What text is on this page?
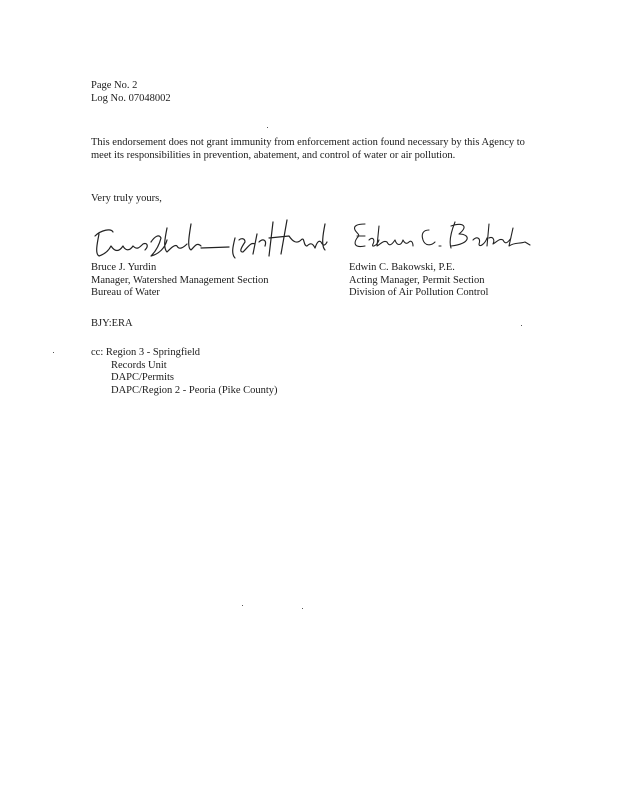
Page No. 2
Log No. 07048002
This endorsement does not grant immunity from enforcement action found necessary by this Agency to meet its responsibilities in prevention, abatement, and control of water or air pollution.
Very truly yours,
Bruce J. Yurdin
Manager, Watershed Management Section
Bureau of Water
Edwin C. Bakowski, P.E.
Acting Manager, Permit Section
Division of Air Pollution Control
BJY:ERA
cc: Region 3 - Springfield
Records Unit
DAPC/Permits
DAPC/Region 2 - Peoria (Pike County)
